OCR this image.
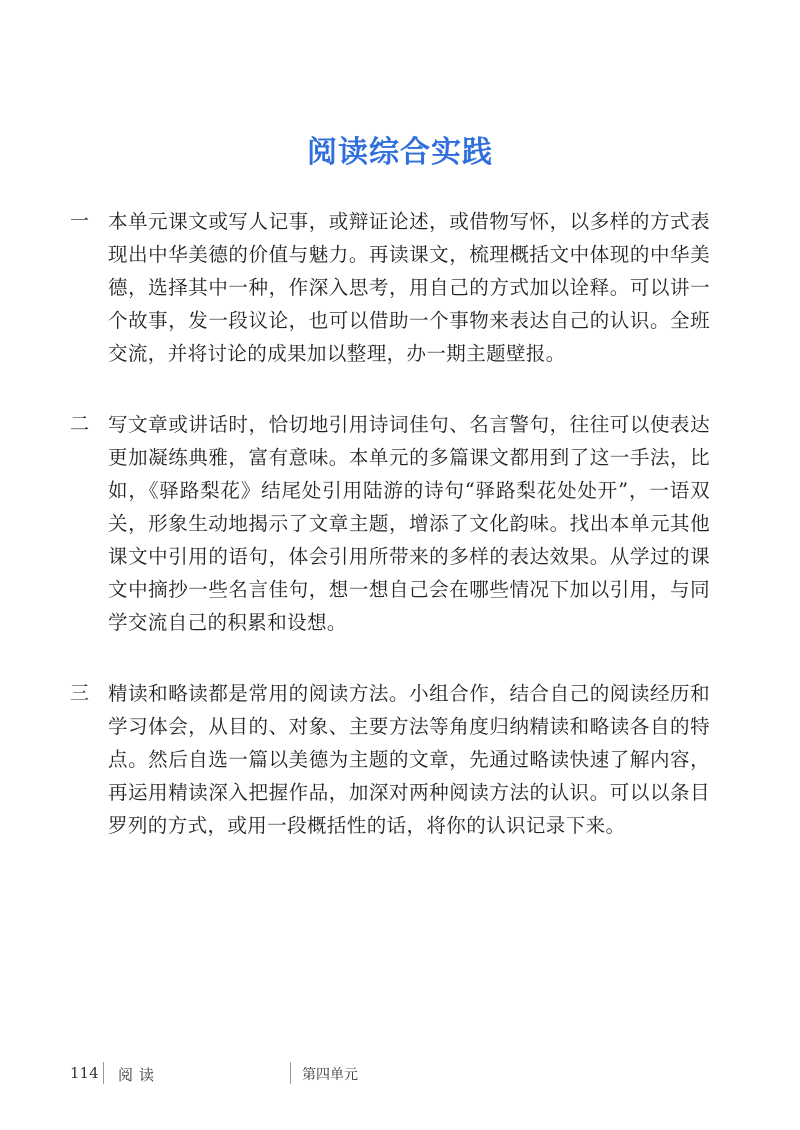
阅读综合实践
一 本单元课文或写人记事，或辩证论述，或借物写怀，以多样的方式表现出中华美德的价值与魅力。再读课文，梳理概括文中体现的中华美德，选择其中一种，作深入思考，用自己的方式加以诠释。可以讲一个故事，发一段议论，也可以借助一个事物来表达自己的认识。全班交流，并将讨论的成果加以整理，办一期主题壁报。
二 写文章或讲话时，恰切地引用诗词佳句、名言警句，往往可以使表达更加凝练典雅，富有意味。本单元的多篇课文都用到了这一手法，比如，《驿路梨花》结尾处引用陆游的诗句“驿路梨花处处开”，一语双关，形象生动地揭示了文章主题，增添了文化韵味。找出本单元其他课文中引用的语句，体会引用所带来的多样的表达效果。从学过的课文中摘抄一些名言佳句，想一想自己会在哪些情况下加以引用，与同学交流自己的积累和设想。
三 精读和略读都是常用的阅读方法。小组合作，结合自己的阅读经历和学习体会，从目的、对象、主要方法等角度归纳精读和略读各自的特点。然后自选一篇以美德为主题的文章，先通过略读快速了解内容，再运用精读深入把握作品，加深对两种阅读方法的认识。可以以条目罗列的方式，或用一段概括性的话，将你的认识记录下来。
114 阅读	第四单元
